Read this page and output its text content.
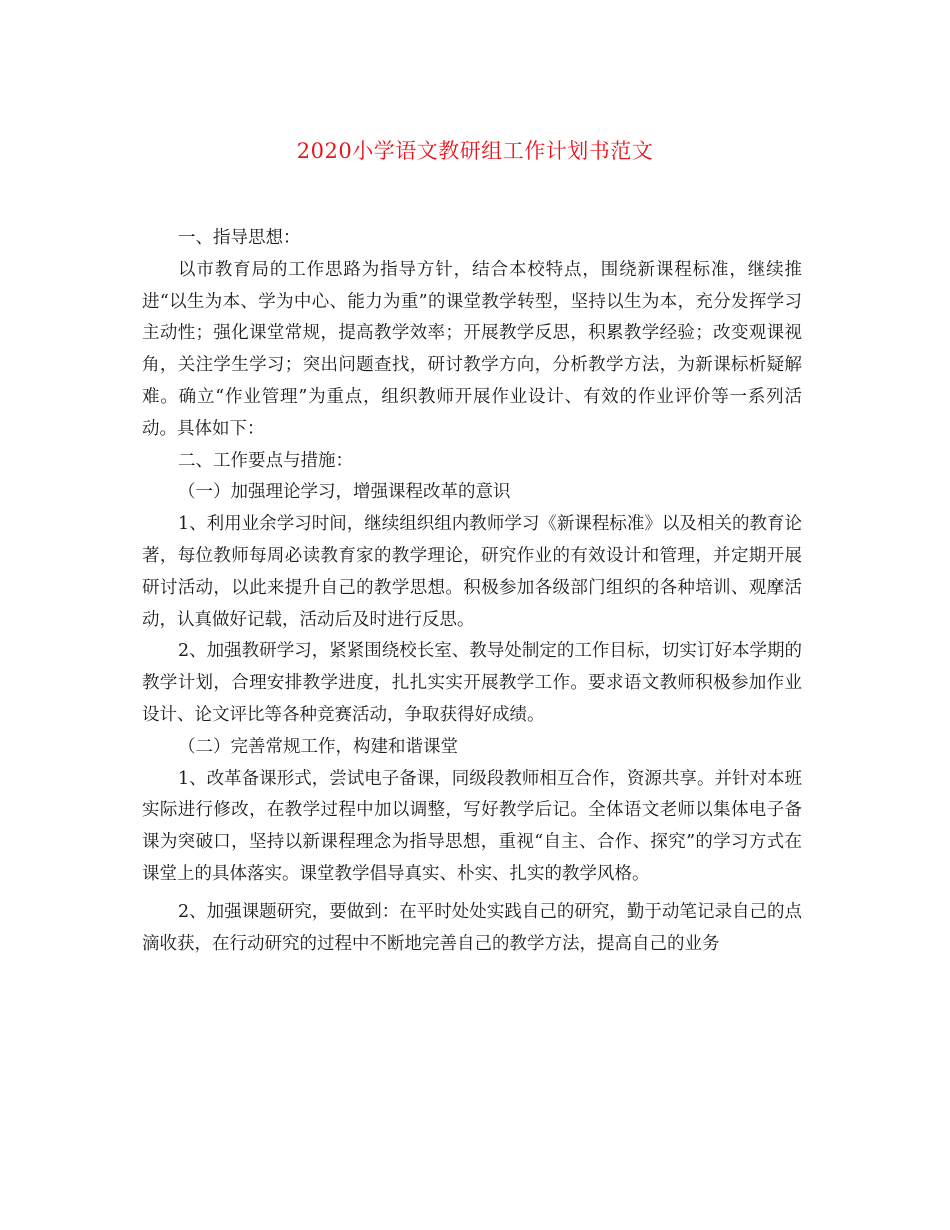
2020小学语文教研组工作计划书范文

一、指导思想：

以市教育局的工作思路为指导方针，结合本校特点，围绕新课程标准，继续推进“以生为本、学为中心、能力为重”的课堂教学转型，坚持以生为本，充分发挥学习主动性；强化课堂常规，提高教学效率；开展教学反思，积累教学经验；改变观课视角，关注学生学习；突出问题查找，研讨教学方向，分析教学方法，为新课标析疑解难。确立“作业管理”为重点，组织教师开展作业设计、有效的作业评价等一系列活动。具体如下：

二、工作要点与措施：

（一）加强理论学习，增强课程改革的意识

1、利用业余学习时间，继续组织组内教师学习《新课程标准》以及相关的教育论著，每位教师每周必读教育家的教学理论，研究作业的有效设计和管理，并定期开展研讨活动，以此来提升自己的教学思想。积极参加各级部门组织的各种培训、观摩活动，认真做好记载，活动后及时进行反思。

2、加强教研学习，紧紧围绕校长室、教导处制定的工作目标，切实订好本学期的教学计划，合理安排教学进度，扎扎实实开展教学工作。要求语文教师积极参加作业设计、论文评比等各种竞赛活动，争取获得好成绩。

（二）完善常规工作，构建和谐课堂

1、改革备课形式，尝试电子备课，同级段教师相互合作，资源共享。并针对本班实际进行修改，在教学过程中加以调整，写好教学后记。全体语文老师以集体电子备课为突破口，坚持以新课程理念为指导思想，重视“自主、合作、探究”的学习方式在课堂上的具体落实。课堂教学倡导真实、朴实、扎实的教学风格。

2、加强课题研究，要做到：在平时处处实践自己的研究，勤于动笔记录自己的点滴收获，在行动研究的过程中不断地完善自己的教学方法，提高自己的业务
